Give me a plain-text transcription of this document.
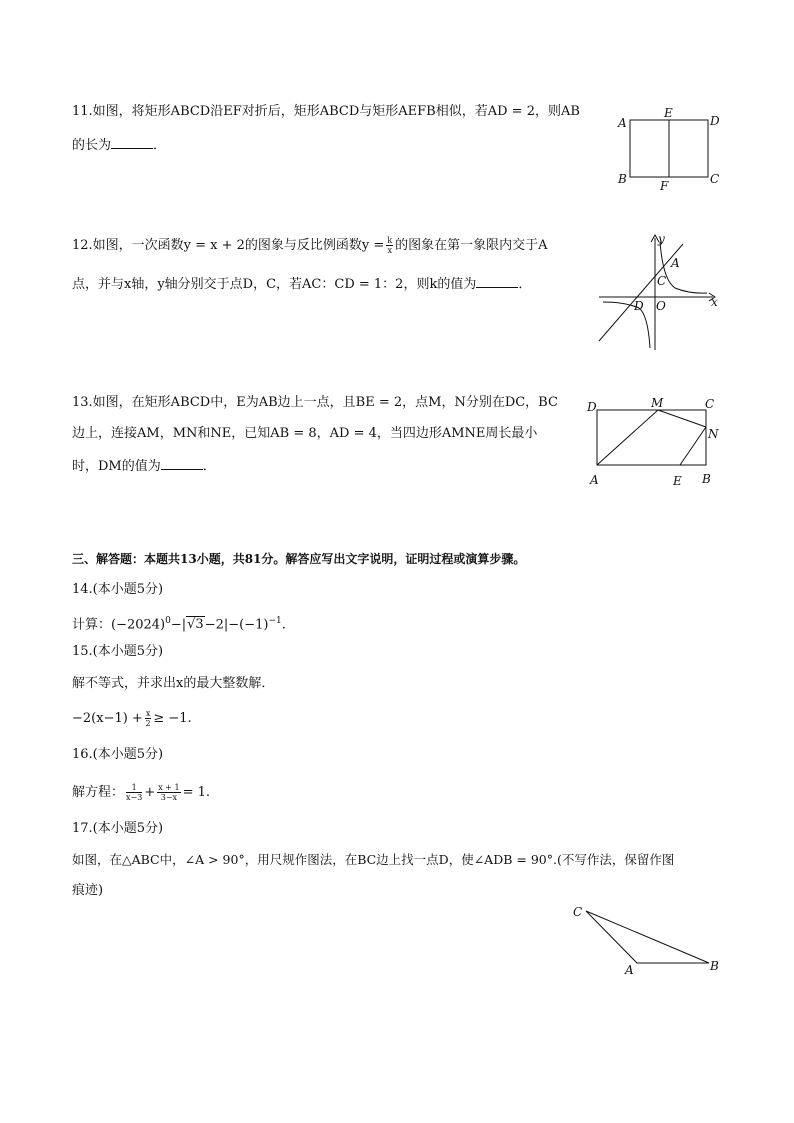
11.如图，将矩形ABCD沿EF对折后，矩形ABCD与矩形AEFB相似，若AD = 2，则AB
的长为	．
A
E
D
B	F	C
12.如图，一次函数y = x + 2的图象与反比例函数$y = \frac{k}{x}$ 的图象在第一象限内交于A
点，并与x轴，y轴分别交于点D，C，若AC：CD = 1：2，则k的值为	．
y
A
C
D O	x
13.如图，在矩形ABCD中，E为AB边上一点，且BE = 2，点M，N分别在DC，BC
边上，连接AM，MN和NE，已知AB = 8，AD = 4，当四边形AMNE周长最小
时，DM的值为	．
D	M	C
N
A	E B
三、解答题：本题共13小题，共81分。解答应写出文字说明，证明过程或演算步骤。
14.(本小题5分)
计算：$(-2024)^0-|√3-2|-(-1)^{-1}$.
15.(本小题5分)
解不等式，并求出x的最大整数解．
$-2(x-1) + \frac{x}{2} \ge -1$.
16.(本小题5分)
解方程： $\frac{1}{x-3} + \frac{x + 1}{3-x} = 1$.
17.(本小题5分)
如图，在△ABC中，∠A > 90°，用尺规作图法，在BC边上找一点D，使∠ADB = 90°.(不写作法，保留作图
痕迹)
C
A	B
